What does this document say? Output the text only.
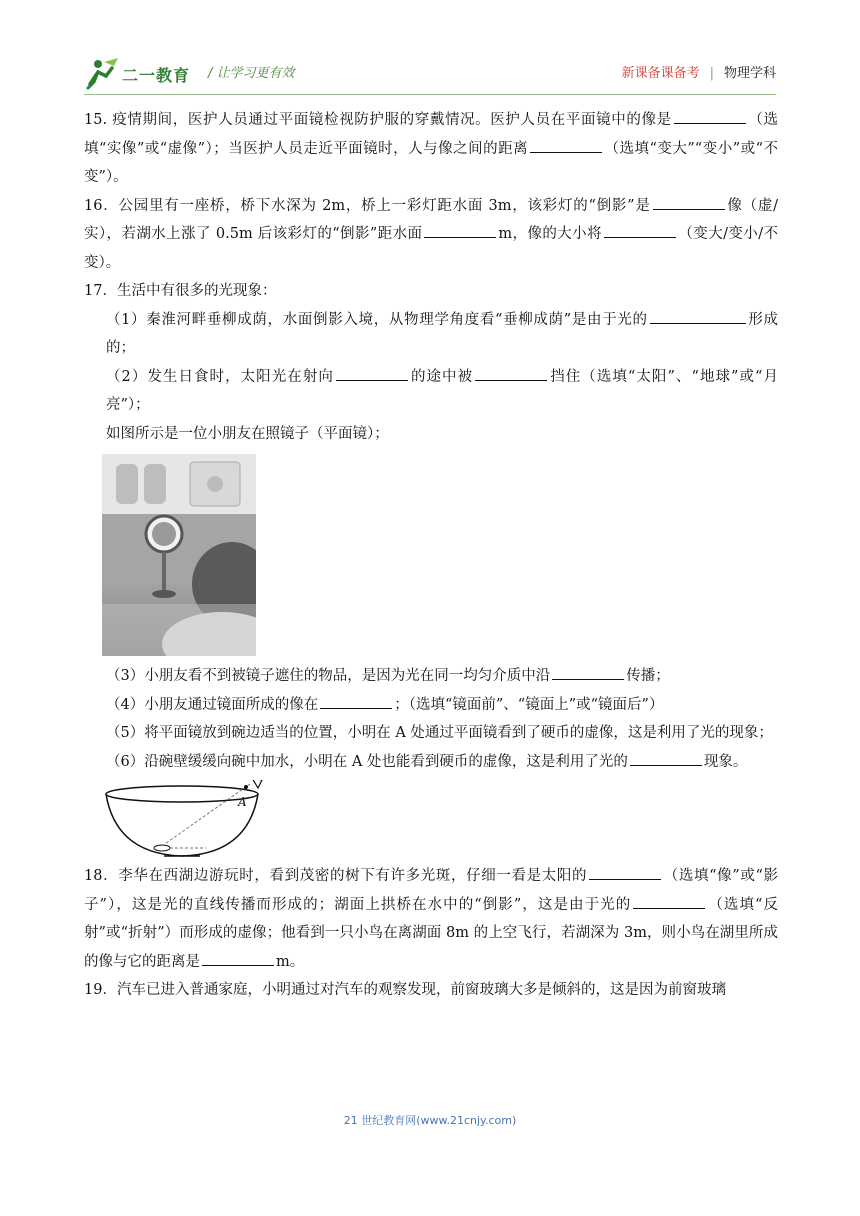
二一教育 / 让学习更有效	新课备课备考 | 物理学科

15. 疫情期间，医护人员通过平面镜检视防护服的穿戴情况。医护人员在平面镜中的像是	（选填“实像”或“虚像”）；当医护人员走近平面镜时，人与像之间的距离	（选填“变大”“变小”或“不变”）。

16．公园里有一座桥，桥下水深为 2m，桥上一彩灯距水面 3m，该彩灯的“倒影”是	像（虚/实），若湖水上涨了 0.5m 后该彩灯的“倒影”距水面	m，像的大小将	（变大/变小/不变）。

17．生活中有很多的光现象：

（1）秦淮河畔垂柳成荫，水面倒影入境，从物理学角度看“垂柳成荫”是由于光的	形成的；

（2）发生日食时，太阳光在射向	的途中被	挡住（选填“太阳”、“地球”或“月亮”）；

如图所示是一位小朋友在照镜子（平面镜）；

（3）小朋友看不到被镜子遮住的物品，是因为光在同一均匀介质中沿	传播；

（4）小朋友通过镜面所成的像在	；（选填“镜面前”、“镜面上”或“镜面后”）

（5）将平面镜放到碗边适当的位置，小明在 A 处通过平面镜看到了硬币的虚像，这是利用了光的现象；

（6）沿碗壁缓缓向碗中加水，小明在 A 处也能看到硬币的虚像，这是利用了光的	现象。

A

18．李华在西湖边游玩时，看到茂密的树下有许多光斑，仔细一看是太阳的	（选填“像”或“影子”），这是光的直线传播而形成的；湖面上拱桥在水中的“倒影”，这是由于光的	（选填“反射”或“折射”）而形成的虚像；他看到一只小鸟在离湖面 8m 的上空飞行，若湖深为 3m，则小鸟在湖里所成的像与它的距离是	m。

19．汽车已进入普通家庭，小明通过对汽车的观察发现，前窗玻璃大多是倾斜的，这是因为前窗玻璃

21 世纪教育网(www.21cnjy.com)
